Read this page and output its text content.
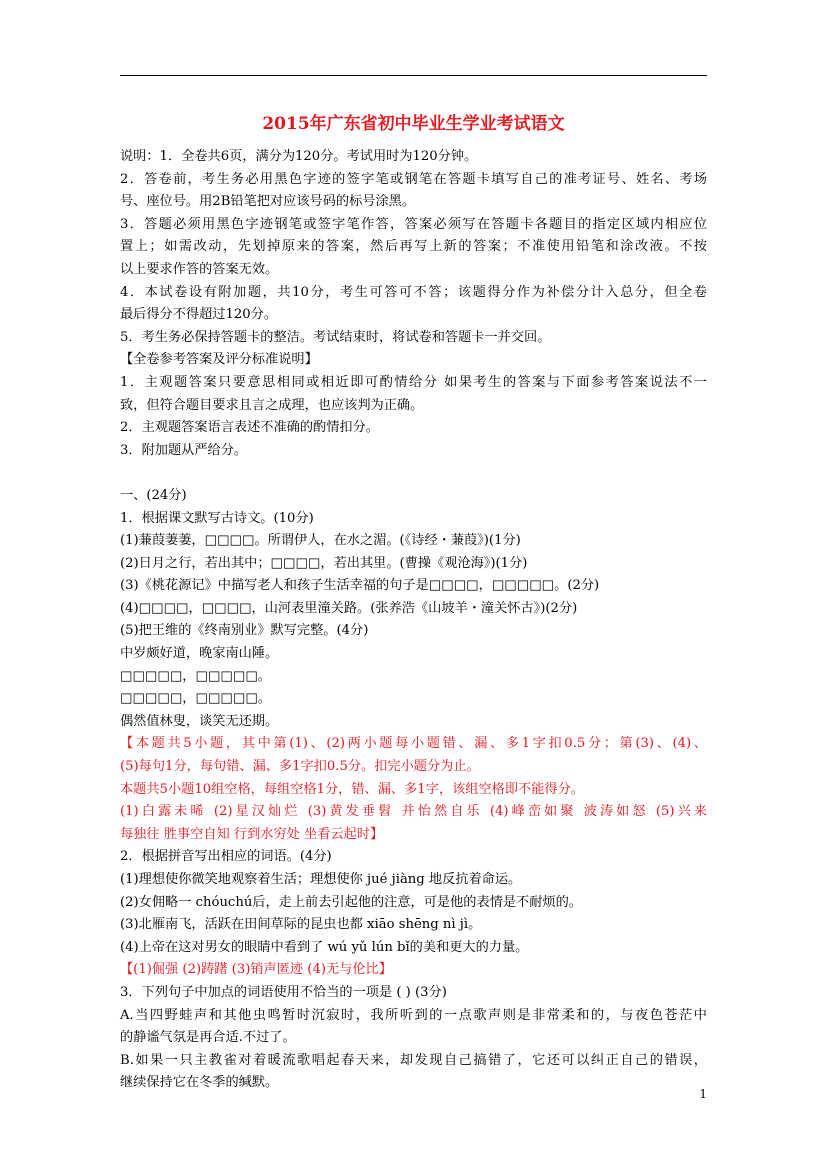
2015年广东省初中毕业生学业考试语文

说明：1．全卷共6页，满分为120分。考试用时为120分钟。

2．答卷前，考生务必用黑色字迹的签字笔或钢笔在答题卡填写自己的准考证号、姓名、考场

号、座位号。用2B铅笔把对应该号码的标号涂黑。

3．答题必须用黑色字迹钢笔或签字笔作答，答案必须写在答题卡各题目的指定区域内相应位

置上；如需改动，先划掉原来的答案，然后再写上新的答案；不准使用铅笔和涂改液。不按

以上要求作答的答案无效。

4．本试卷设有附加题，共10分，考生可答可不答；该题得分作为补偿分计入总分，但全卷

最后得分不得超过120分。

5．考生务必保持答题卡的整洁。考试结束时，将试卷和答题卡一并交回。

【全卷参考答案及评分标准说明】

1．主观题答案只要意思相同或相近即可酌情给分 如果考生的答案与下面参考答案说法不一

致，但符合题目要求且言之成理，也应该判为正确。

2．主观题答案语言表述不准确的酌情扣分。

3．附加题从严给分。

一、(24分)

1．根据课文默写古诗文。(10分)

(1)蒹葭萋萋，□□□□。所谓伊人，在水之湄。(《诗经・蒹葭》)(1分)

(2)日月之行，若出其中；□□□□，若出其里。(曹操《观沧海》)(1分)

(3)《桃花源记》中描写老人和孩子生活幸福的句子是□□□□，□□□□□。(2分)

(4)□□□□，□□□□，山河表里潼关路。(张养浩《山坡羊・潼关怀古》)(2分)

(5)把王维的《终南别业》默写完整。(4分)

中岁颇好道，晚家南山陲。

□□□□□，□□□□□。

□□□□□，□□□□□。

偶然值林叟，谈笑无还期。

【本题共5小题，其中第(1)、(2)两小题每小题错、漏、多1字扣0.5分；第(3)、(4)、

(5)每句1分，每句错、漏、多1字扣0.5分。扣完小题分为止。

本题共5小题10组空格，每组空格1分，错、漏、多1字，该组空格即不能得分。

(1)白露未晞 (2)星汉灿烂 (3)黄发垂髫 并怡然自乐 (4)峰峦如聚 波涛如怒 (5)兴来

每独往 胜事空自知 行到水穷处 坐看云起时】

2．根据拼音写出相应的词语。(4分)

(1)理想使你微笑地观察着生活；理想使你 jué jiàng 地反抗着命运。

(2)女佣略一 chóuchú后，走上前去引起他的注意，可是他的表情是不耐烦的。

(3)北雁南飞，活跃在田间草际的昆虫也都 xiāo shēng nì jì。

(4)上帝在这对男女的眼睛中看到了 wú yǔ lún bǐ的美和更大的力量。

【(1)倔强 (2)踌躇 (3)销声匿迹 (4)无与伦比】

3．下列句子中加点的词语使用不恰当的一项是 ( ) (3分)

A.当四野蛙声和其他虫鸣暂时沉寂时，我所听到的一点歌声则是非常柔和的，与夜色苍茫中

的静谧气氛是再合适.不过了。

B.如果一只主教雀对着暖流歌唱起春天来，却发现自己搞错了，它还可以纠正自己的错误，

继续保持它在冬季的缄默。

1
